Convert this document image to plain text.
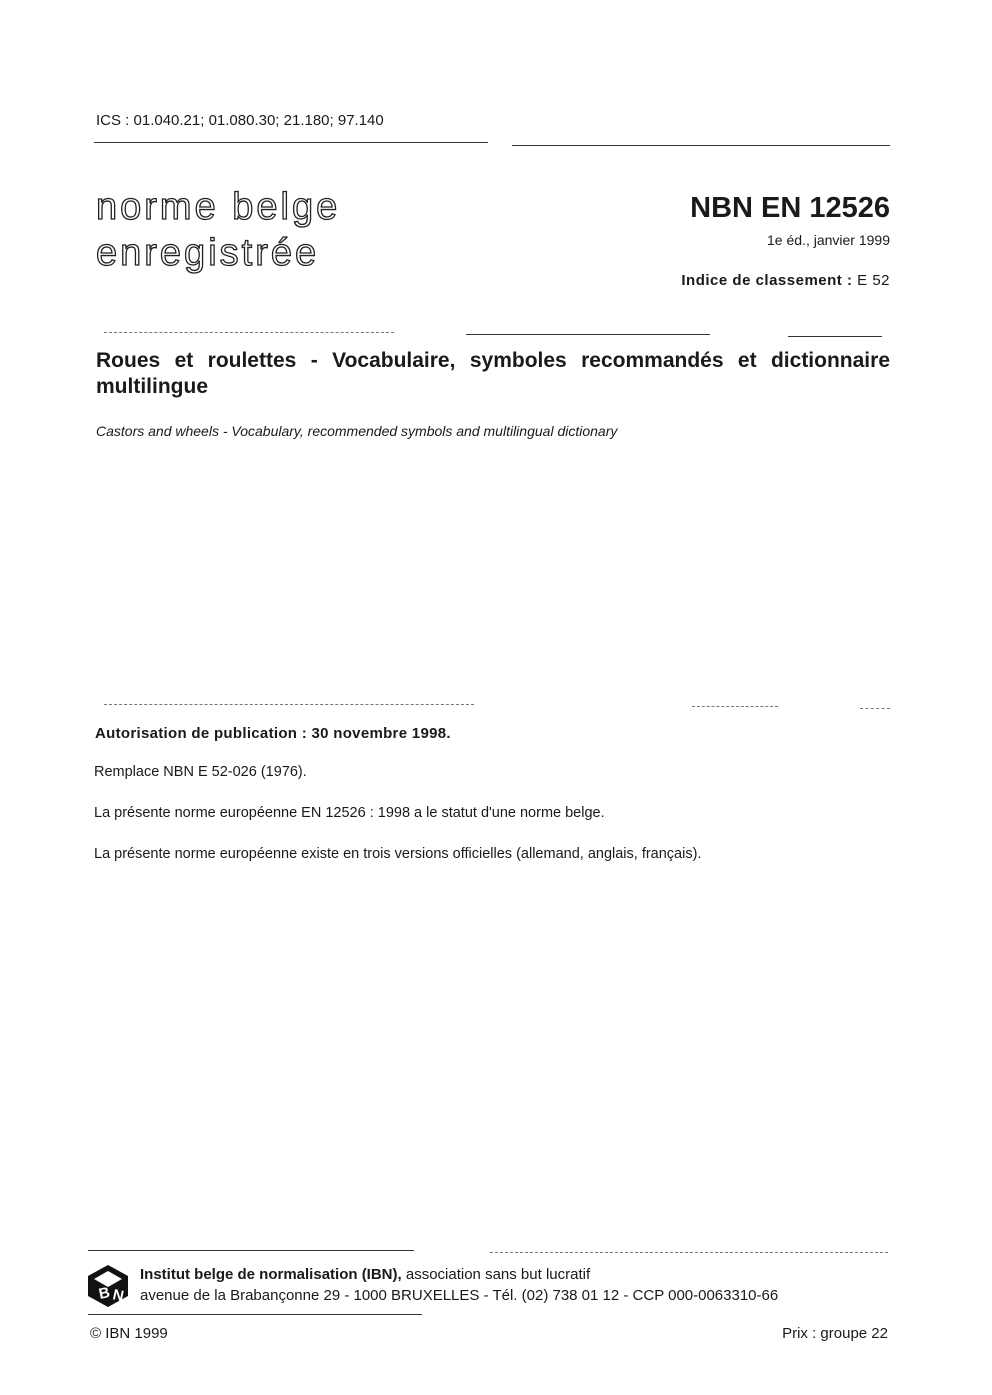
ICS : 01.040.21; 01.080.30; 21.180; 97.140
norme belge
enregistrée
NBN EN 12526
1e éd., janvier 1999
Indice de classement : E 52
Roues et roulettes - Vocabulaire, symboles recommandés et dictionnaire multilingue
Castors and wheels - Vocabulary, recommended symbols and multilingual dictionary
Autorisation de publication : 30 novembre 1998.
Remplace NBN E 52-026 (1976).
La présente norme européenne EN 12526 : 1998 a le statut d'une norme belge.
La présente norme européenne existe en trois versions officielles (allemand, anglais, français).
B N
Institut belge de normalisation (IBN), association sans but lucratif
avenue de la Brabançonne 29 - 1000 BRUXELLES - Tél. (02) 738 01 12 - CCP 000-0063310-66
© IBN 1999	Prix : groupe 22
